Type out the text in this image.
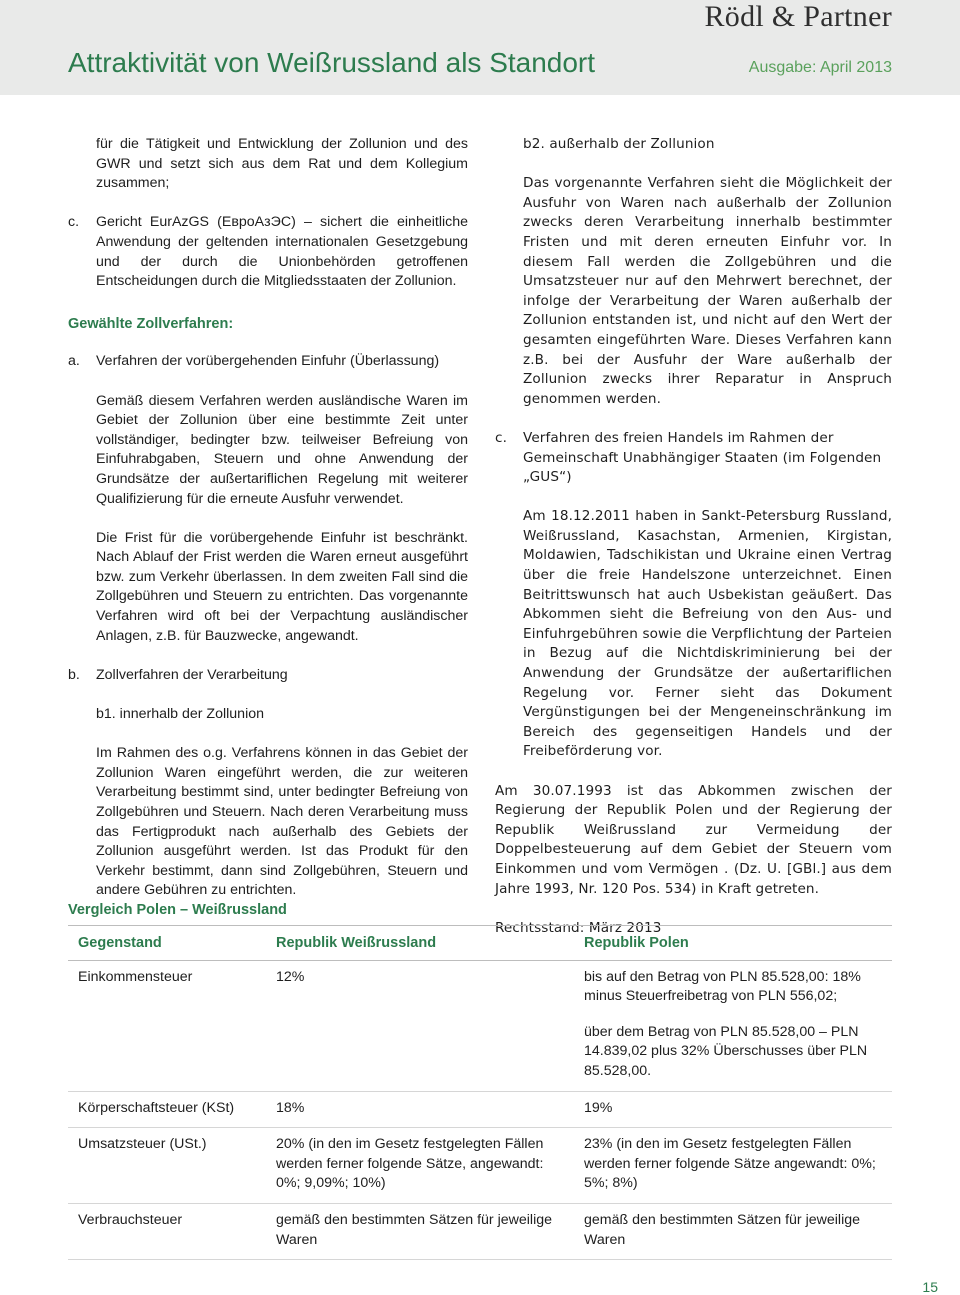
Rödl & Partner
Attraktivität von Weißrussland als Standort	Ausgabe: April 2013

für die Tätigkeit und Entwicklung der Zollunion und des GWR und setzt sich aus dem Rat und dem Kollegium zusammen;

c. Gericht EurAzGS (ЕвроАзЭС) – sichert die einheitliche Anwendung der geltenden internationalen Gesetzgebung und der durch die Unionbehörden getroffenen Entscheidungen durch die Mitgliedsstaaten der Zollunion.

Gewählte Zollverfahren:
a. Verfahren der vorübergehenden Einfuhr (Überlassung)

Gemäß diesem Verfahren werden ausländische Waren im Gebiet der Zollunion über eine bestimmte Zeit unter vollständiger, bedingter bzw. teilweiser Befreiung von Einfuhrabgaben, Steuern und ohne Anwendung der Grundsätze der außertariflichen Regelung mit weiterer Qualifizierung für die erneute Ausfuhr verwendet.

Die Frist für die vorübergehende Einfuhr ist beschränkt. Nach Ablauf der Frist werden die Waren erneut ausgeführt bzw. zum Verkehr überlassen. In dem zweiten Fall sind die Zollgebühren und Steuern zu entrichten. Das vorgenannte Verfahren wird oft bei der Verpachtung ausländischer Anlagen, z.B. für Bauzwecke, angewandt.

b. Zollverfahren der Verarbeitung
b1. innerhalb der Zollunion

Im Rahmen des o.g. Verfahrens können in das Gebiet der Zollunion Waren eingeführt werden, die zur weiteren Verarbeitung bestimmt sind, unter bedingter Befreiung von Zollgebühren und Steuern. Nach deren Verarbeitung muss das Fertigprodukt nach außerhalb des Gebiets der Zollunion ausgeführt werden. Ist das Produkt für den Verkehr bestimmt, dann sind Zollgebühren, Steuern und andere Gebühren zu entrichten.

b2. außerhalb der Zollunion

Das vorgenannte Verfahren sieht die Möglichkeit der Ausfuhr von Waren nach außerhalb der Zollunion zwecks deren Verarbeitung innerhalb bestimmter Fristen und mit deren erneuten Einfuhr vor. In diesem Fall werden die Zollgebühren und die Umsatzsteuer nur auf den Mehrwert berechnet, der infolge der Verarbeitung der Waren außerhalb der Zollunion entstanden ist, und nicht auf den Wert der gesamten eingeführten Ware. Dieses Verfahren kann z.B. bei der Ausfuhr der Ware außerhalb der Zollunion zwecks ihrer Reparatur in Anspruch genommen werden.

c. Verfahren des freien Handels im Rahmen der Gemeinschaft Unabhängiger Staaten (im Folgenden „GUS“)

Am 18.12.2011 haben in Sankt-Petersburg Russland, Weißrussland, Kasachstan, Armenien, Kirgistan, Moldawien, Tadschikistan und Ukraine einen Vertrag über die freie Handelszone unterzeichnet. Einen Beitrittswunsch hat auch Usbekistan geäußert. Das Abkommen sieht die Befreiung von den Aus- und Einfuhrgebühren sowie die Verpflichtung der Parteien in Bezug auf die Nichtdiskriminierung bei der Anwendung der Grundsätze der außertariflichen Regelung vor. Ferner sieht das Dokument Vergünstigungen bei der Mengeneinschränkung im Bereich des gegenseitigen Handels und der Freibeförderung vor.

Am 30.07.1993 ist das Abkommen zwischen der Regierung der Republik Polen und der Regierung der Republik Weißrussland zur Vermeidung der Doppelbesteuerung auf dem Gebiet der Steuern vom Einkommen und vom Vermögen . (Dz. U. [GBl.] aus dem Jahre 1993, Nr. 120 Pos. 534) in Kraft getreten.

Rechtsstand: März 2013
Vergleich Polen – Weißrussland
Gegenstand	Republik Weißrussland	Republik Polen
Einkommensteuer	12%	bis auf den Betrag von PLN 85.528,00: 18% minus Steuerfreibetrag von PLN 556,02;
		über dem Betrag von PLN 85.528,00 – PLN 14.839,02 plus 32% Überschusses über PLN 85.528,00.
Körperschaftsteuer (KSt)	18%	19%
Umsatzsteuer (USt.)	20% (in den im Gesetz festgelegten Fällen werden ferner folgende Sätze, angewandt: 0%; 9,09%; 10%)	23% (in den im Gesetz festgelegten Fällen werden ferner folgende Sätze angewandt: 0%; 5%; 8%)
Verbrauchsteuer	gemäß den bestimmten Sätzen für jeweilige Waren	gemäß den bestimmten Sätzen für jeweilige Waren
15
